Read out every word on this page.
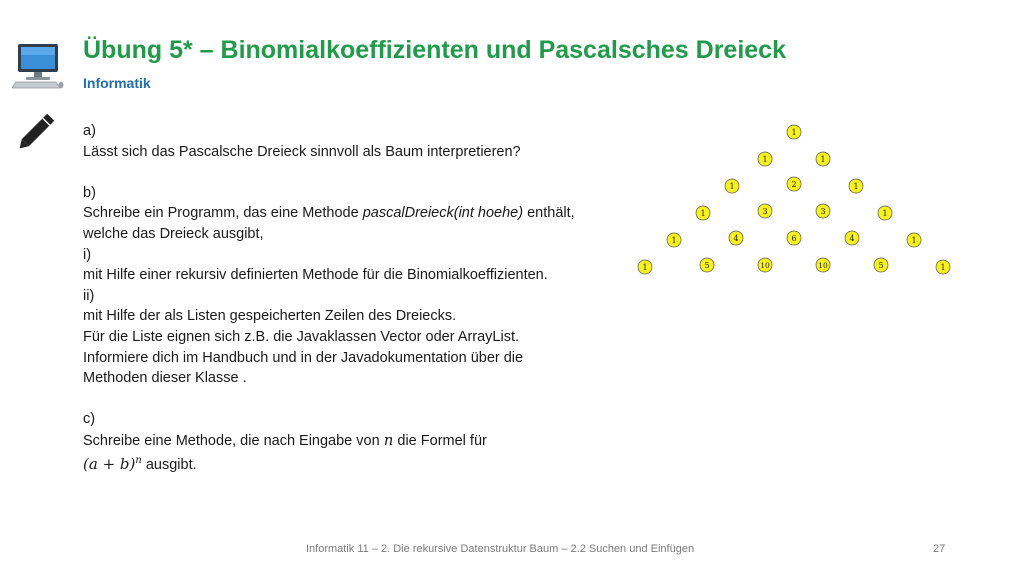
Übung 5* – Binomialkoeffizienten und Pascalsches Dreieck
Informatik
a)
Lässt sich das Pascalsche Dreieck sinnvoll als Baum interpretieren?
b)
Schreibe ein Programm, das eine Methode pascalDreieck(int hoehe) enthält,
welche das Dreieck ausgibt,
i)
mit Hilfe einer rekursiv definierten Methode für die Binomialkoeffizienten.
ii)
mit Hilfe der als Listen gespeicherten Zeilen des Dreiecks.
Für die Liste eignen sich z.B. die Javaklassen Vector oder ArrayList.
Informiere dich im Handbuch und in der Javadokumentation über die
Methoden dieser Klasse .
c)
Schreibe eine Methode, die nach Eingabe von n die Formel für
$(a + b)^n$ ausgibt.
1
1	1
1	2	1
1	3	3	1
1	4	6	4	1
1	5	10	10	5	1
Informatik 11 – 2. Die rekursive Datenstruktur Baum – 2.2 Suchen und Einfügen	27
